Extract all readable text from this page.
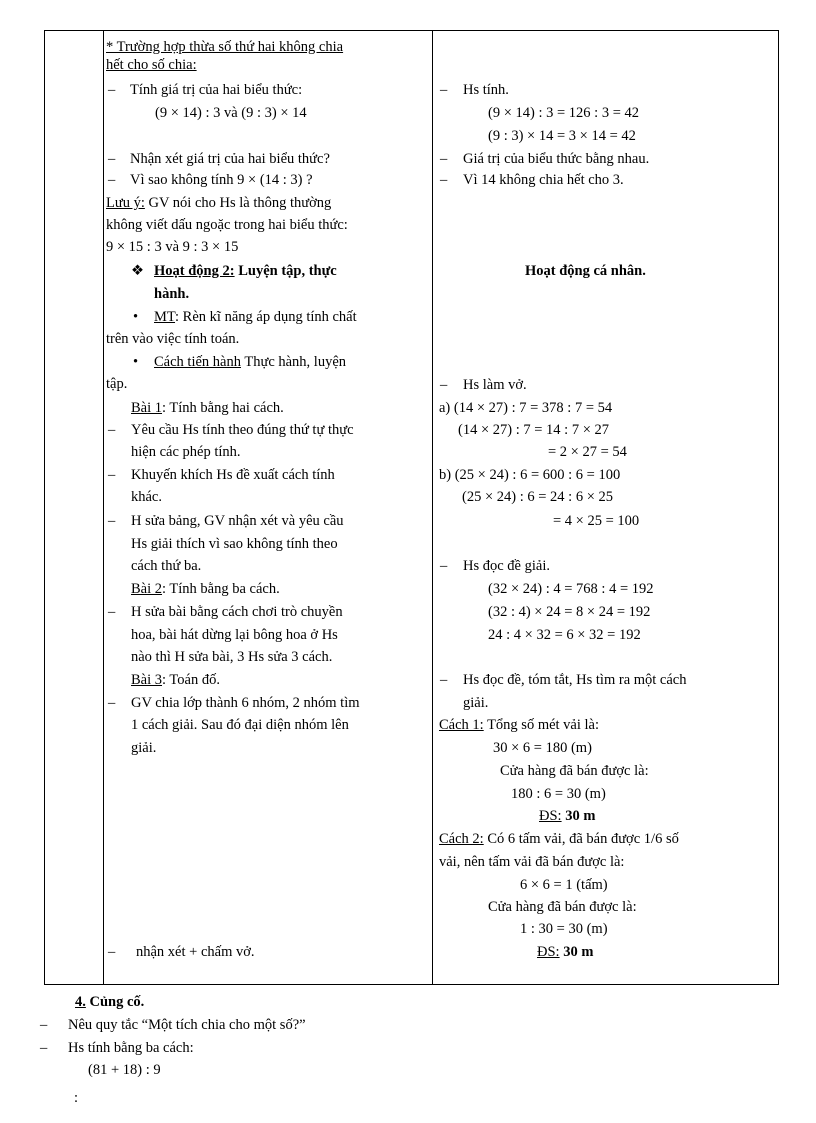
* Trường hợp thừa số thứ hai không chia
hết cho số chia:
– Tính giá trị của hai biểu thức:
(9 × 14) : 3 và (9 : 3) × 14
– Nhận xét giá trị của hai biểu thức?
– Vì sao không tính 9 × (14 : 3) ?
Lưu ý: GV nói cho Hs là thông thường
không viết dấu ngoặc trong hai biểu thức:
9 × 15 : 3 và 9 : 3 × 15
❖ Hoạt động 2: Luyện tập, thực
hành.
• MT: Rèn kĩ năng áp dụng tính chất
trên vào việc tính toán.
• Cách tiến hành Thực hành, luyện
tập.
Bài 1: Tính bằng hai cách.
– Yêu cầu Hs tính theo đúng thứ tự thực
hiện các phép tính.
– Khuyến khích Hs đề xuất cách tính
khác.
– H sửa bảng, GV nhận xét và yêu cầu
Hs giải thích vì sao không tính theo
cách thứ ba.
Bài 2: Tính bằng ba cách.
– H sửa bài bằng cách chơi trò chuyền
hoa, bài hát dừng lại bông hoa ở Hs
nào thì H sửa bài, 3 Hs sửa 3 cách.
Bài 3: Toán đố.
– GV chia lớp thành 6 nhóm, 2 nhóm tìm
1 cách giải. Sau đó đại diện nhóm lên
giải.
– nhận xét + chấm vở.
– Hs tính.
(9 × 14) : 3 = 126 : 3 = 42
(9 : 3) × 14 = 3 × 14 = 42
– Giá trị của biểu thức bằng nhau.
– Vì 14 không chia hết cho 3.
Hoạt động cá nhân.
– Hs làm vở.
a) (14 × 27) : 7 = 378 : 7 = 54
(14 × 27) : 7 = 14 : 7 × 27
= 2 × 27 = 54
b) (25 × 24) : 6 = 600 : 6 = 100
(25 × 24) : 6 = 24 : 6 × 25
= 4 × 25 = 100
– Hs đọc đề giải.
(32 × 24) : 4 = 768 : 4 = 192
(32 : 4) × 24 = 8 × 24 = 192
24 : 4 × 32 = 6 × 32 = 192
– Hs đọc đề, tóm tắt, Hs tìm ra một cách
giải.
Cách 1: Tổng số mét vải là:
30 × 6 = 180 (m)
Cửa hàng đã bán được là:
180 : 6 = 30 (m)
ĐS: 30 m
Cách 2: Có 6 tấm vải, đã bán được 1/6 số
vải, nên tấm vải đã bán được là:
6 × 6 = 1 (tấm)
Cửa hàng đã bán được là:
1 : 30 = 30 (m)
ĐS: 30 m
4. Củng cố.
– Nêu quy tắc “Một tích chia cho một số?”
– Hs tính bằng ba cách:
(81 + 18) : 9
:
